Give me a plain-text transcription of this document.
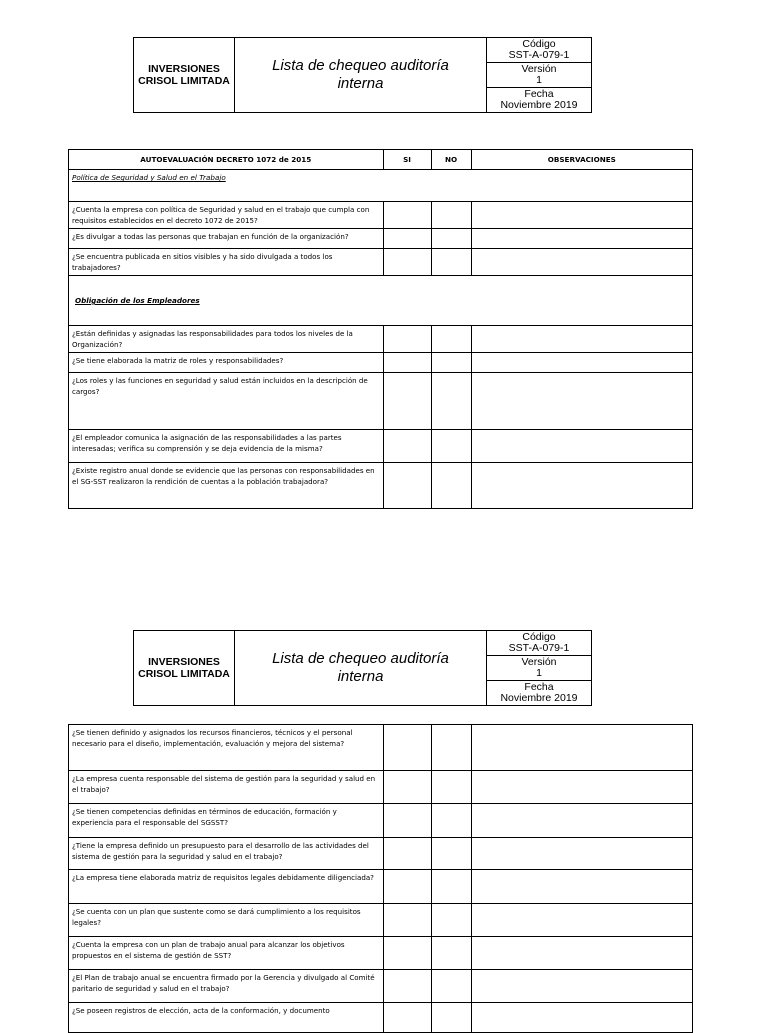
INVERSIONES CRISOL LIMITADA
Lista de chequeo auditoría interna
Código
SST-A-079-1
Versión
1
Fecha
Noviembre 2019
AUTOEVALUACIÓN DECRETO 1072 de 2015	SI	NO	OBSERVACIONES
Política de Seguridad y Salud en el Trabajo			
¿Cuenta la empresa con política de Seguridad y salud en el trabajo que cumpla con requisitos establecidos en el decreto 1072 de 2015?			
¿Es divulgar a todas las personas que trabajan en función de la organización?			
¿Se encuentra publicada en sitios visibles y ha sido divulgada a todos los trabajadores?			
Obligación de los Empleadores			
¿Están definidas y asignadas las responsabilidades para todos los niveles de la Organización?			
¿Se tiene elaborada la matriz de roles y responsabilidades?			
¿Los roles y las funciones en seguridad y salud están incluidos en la descripción de cargos?			
¿El empleador comunica la asignación de las responsabilidades a las partes interesadas; verifica su comprensión y se deja evidencia de la misma?			
¿Existe registro anual donde se evidencie que las personas con responsabilidades en el SG-SST realizaron la rendición de cuentas a la población trabajadora?			
INVERSIONES CRISOL LIMITADA
Lista de chequeo auditoría interna
Código
SST-A-079-1
Versión
1
Fecha
Noviembre 2019
¿Se tienen definido y asignados los recursos financieros, técnicos y el personal necesario para el diseño, implementación, evaluación y mejora del sistema?			
¿La empresa cuenta responsable del sistema de gestión para la seguridad y salud en el trabajo?			
¿Se tienen competencias definidas en términos de educación, formación y experiencia para el responsable del SGSST?			
¿Tiene la empresa definido un presupuesto para el desarrollo de las actividades del sistema de gestión para la seguridad y salud en el trabajo?			
¿La empresa tiene elaborada matriz de requisitos legales debidamente diligenciada?			
¿Se cuenta con un plan que sustente como se dará cumplimiento a los requisitos legales?			
¿Cuenta la empresa con un plan de trabajo anual para alcanzar los objetivos propuestos en el sistema de gestión de SST?			
¿El Plan de trabajo anual se encuentra firmado por la Gerencia y divulgado al Comité paritario de seguridad y salud en el trabajo?			
¿Se poseen registros de elección, acta de la conformación, y documento			
